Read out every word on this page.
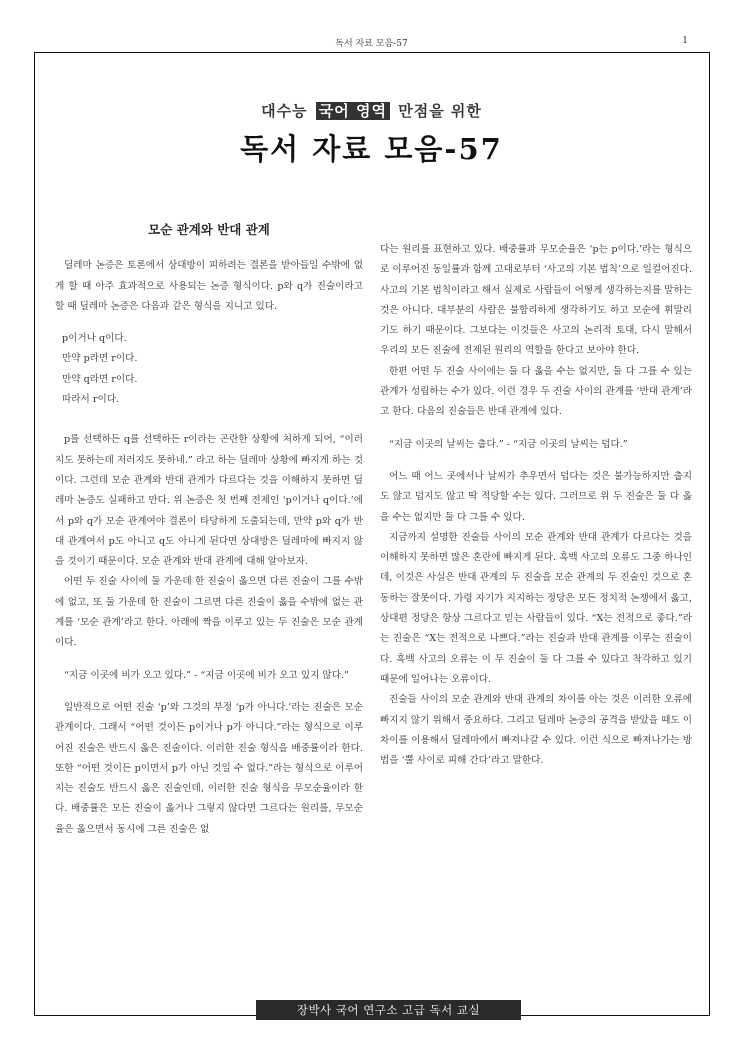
독서 자료 모음-57	1
대수능 국어 영역 만점을 위한
독서 자료 모음-57
모순 관계와 반대 관계

딜레마 논증은 토론에서 상대방이 피하려는 결론을 받아들일 수밖에 없게 할 때 아주 효과적으로 사용되는 논증 형식이다. p와 q가 진술이라고 할 때 딜레마 논증은 다음과 같은 형식을 지니고 있다.

p이거나 q이다.
만약 p라면 r이다.
만약 q라면 r이다.
따라서 r이다.

p를 선택하든 q를 선택하든 r이라는 곤란한 상황에 처하게 되어, “이러지도 못하는데 저러지도 못하네.” 라고 하는 딜레마 상황에 빠지게 하는 것이다. 그런데 모순 관계와 반대 관계가 다르다는 것을 이해하지 못하면 딜레마 논증도 실패하고 만다. 위 논증은 첫 번째 전제인 ‘p이거나 q이다.’에서 p와 q가 모순 관계여야 결론이 타당하게 도출되는데, 만약 p와 q가 반대 관계여서 p도 아니고 q도 아니게 된다면 상대방은 딜레마에 빠지지 않을 것이기 때문이다. 모순 관계와 반대 관계에 대해 알아보자.

어떤 두 진술 사이에 둘 가운데 한 진술이 옳으면 다른 진술이 그를 수밖에 없고, 또 둘 가운데 한 진술이 그르면 다른 진술이 옳을 수밖에 없는 관계를 ‘모순 관계’라고 한다. 아래에 짝을 이루고 있는 두 진술은 모순 관계이다.

“지금 이곳에 비가 오고 있다.” - “지금 이곳에 비가 오고 있지 않다.”

일반적으로 어떤 진술 ‘p’와 그것의 부정 ‘p가 아니다.’라는 진술은 모순 관계이다. 그래서 “어떤 것이든 p이거나 p가 아니다.”라는 형식으로 이루어진 진술은 반드시 옳은 진술이다. 이러한 진술 형식을 배중률이라 한다. 또한 “어떤 것이든 p이면서 p가 아닌 것일 수 없다.”라는 형식으로 이루어지는 진술도 반드시 옳은 진술인데, 이러한 진술 형식을 무모순율이라 한다. 배중률은 모든 진술이 옳거나 그렇지 않다면 그르다는 원리를, 무모순율은 옳으면서 동시에 그른 진술은 없

다는 원리를 표현하고 있다. 배중률과 무모순율은 ‘p는 p이다.’라는 형식으로 이루어진 동일률과 함께 고대로부터 ‘사고의 기본 법칙’으로 일컬어진다. 사고의 기본 법칙이라고 해서 실제로 사람들이 어떻게 생각하는지를 말하는 것은 아니다. 대부분의 사람은 불합리하게 생각하기도 하고 모순에 휘말리기도 하기 때문이다. 그보다는 이것들은 사고의 논리적 토대, 다시 말해서 우리의 모든 진술에 전제된 원리의 역할을 한다고 보아야 한다.

한편 어떤 두 진술 사이에는 둘 다 옳을 수는 없지만, 둘 다 그를 수 있는 관계가 성립하는 수가 있다. 이런 경우 두 진술 사이의 관계를 ‘반대 관계’라고 한다. 다음의 진술들은 반대 관계에 있다.

“지금 이곳의 날씨는 춥다.” - “지금 이곳의 날씨는 덥다.”

어느 때 어느 곳에서나 날씨가 추우면서 덥다는 것은 불가능하지만 춥지도 않고 덥지도 않고 딱 적당할 수는 있다. 그러므로 위 두 진술은 둘 다 옳을 수는 없지만 둘 다 그를 수 있다.

지금까지 설명한 진술들 사이의 모순 관계와 반대 관계가 다르다는 것을 이해하지 못하면 많은 혼란에 빠지게 된다. 흑백 사고의 오류도 그중 하나인데, 이것은 사실은 반대 관계의 두 진술을 모순 관계의 두 진술인 것으로 혼동하는 잘못이다. 가령 자기가 지지하는 정당은 모든 정치적 논쟁에서 옳고, 상대편 정당은 항상 그르다고 믿는 사람들이 있다. “X는 전적으로 좋다.”라는 진술은 “X는 전적으로 나쁘다.”라는 진술과 반대 관계를 이루는 진술이다. 흑백 사고의 오류는 이 두 진술이 둘 다 그를 수 있다고 착각하고 있기 때문에 일어나는 오류이다.

진술들 사이의 모순 관계와 반대 관계의 차이를 아는 것은 이러한 오류에 빠지지 않기 위해서 중요하다. 그리고 딜레마 논증의 공격을 받았을 때도 이 차이를 이용해서 딜레마에서 빠져나갈 수 있다. 이런 식으로 빠져나가는 방법을 ‘뿔 사이로 피해 간다’라고 말한다.

장박사 국어 연구소 고급 독서 교실
